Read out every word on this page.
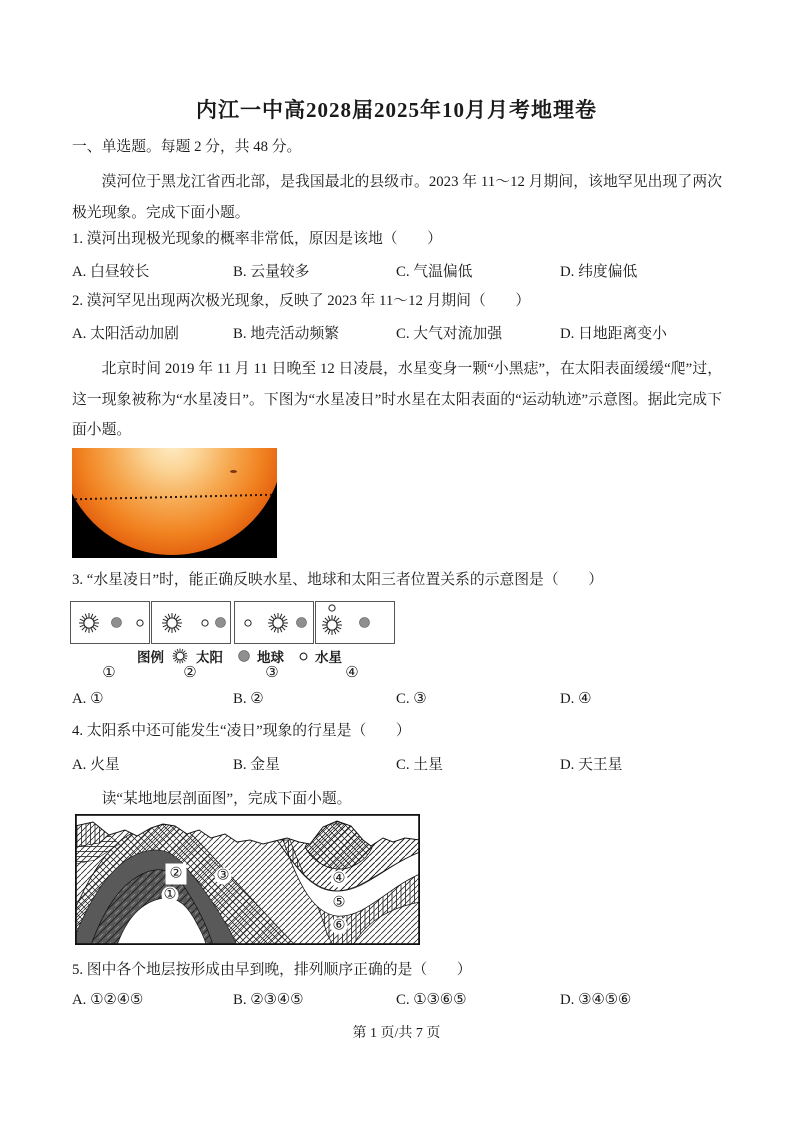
内江一中高2028届2025年10月月考地理卷
一、单选题。每题 2 分，共 48 分。
漠河位于黑龙江省西北部，是我国最北的县级市。2023 年 11～12 月期间，该地罕见出现了两次极光现象。完成下面小题。
1. 漠河出现极光现象的概率非常低，原因是该地（　　）
A. 白昼较长	B. 云量较多	C. 气温偏低	D. 纬度偏低
2. 漠河罕见出现两次极光现象，反映了 2023 年 11～12 月期间（　　）
A. 太阳活动加剧	B. 地壳活动频繁	C. 大气对流加强	D. 日地距离变小
北京时间 2019 年 11 月 11 日晚至 12 日凌晨，水星变身一颗“小黑痣”，在太阳表面缓缓“爬”过，这一现象被称为“水星凌日”。下图为“水星凌日”时水星在太阳表面的“运动轨迹”示意图。据此完成下面小题。
3. “水星凌日”时，能正确反映水星、地球和太阳三者位置关系的示意图是（　　）
图例 太阳	地球 水星
①	②	③	④
A. ①	B. ②	C. ③	D. ④
4. 太阳系中还可能发生“凌日”现象的行星是（　　）
A. 火星	B. 金星	C. 土星	D. 天王星
读“某地地层剖面图”，完成下面小题。
①
② ③	④
⑤
⑥
5. 图中各个地层按形成由早到晚，排列顺序正确的是（　　）
A. ①②④⑤	B. ②③④⑤	C. ①③⑥⑤	D. ③④⑤⑥
第 1 页/共 7 页
